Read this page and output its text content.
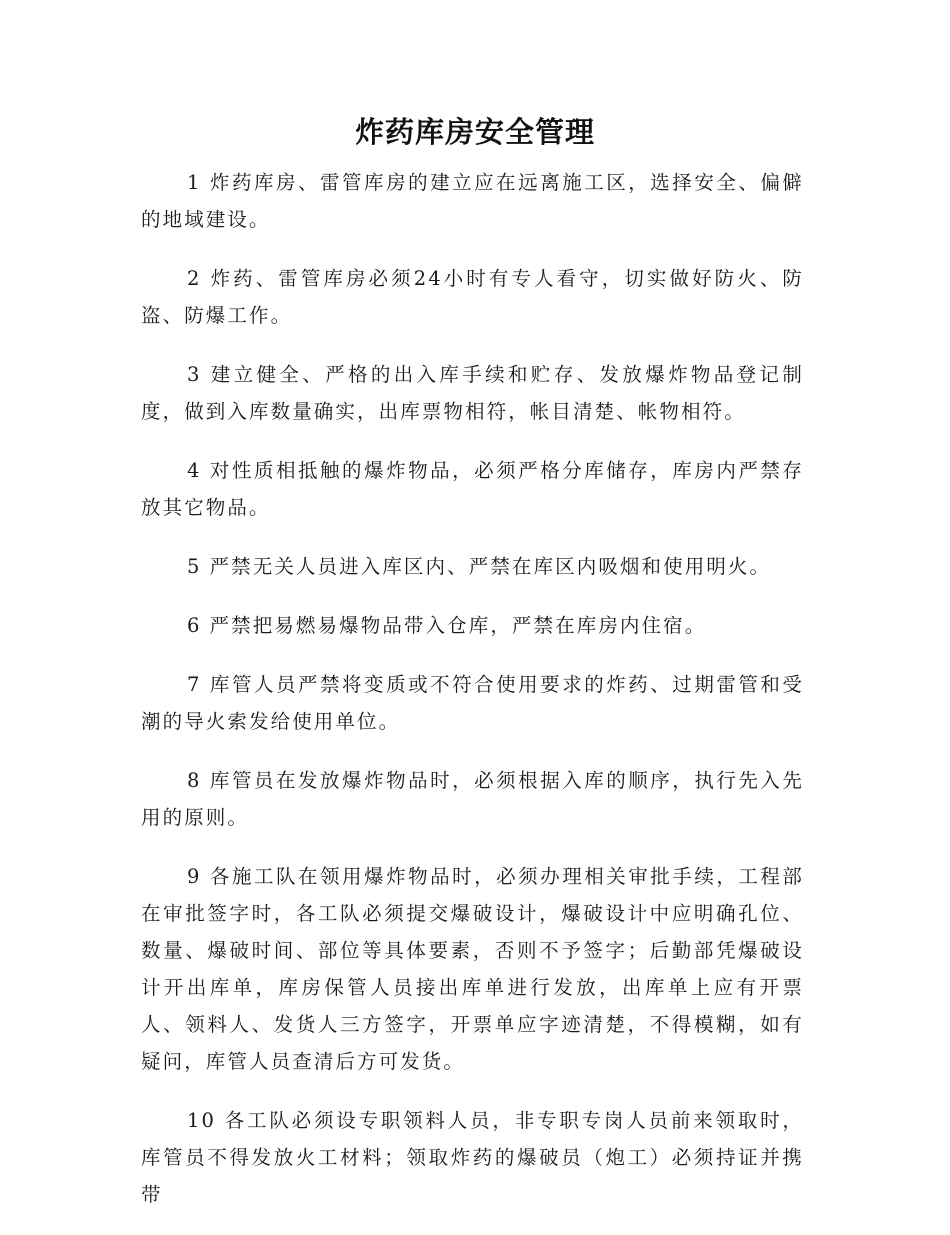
炸药库房安全管理

1 炸药库房、雷管库房的建立应在远离施工区，选择安全、偏僻的地域建设。

2 炸药、雷管库房必须24小时有专人看守，切实做好防火、防盗、防爆工作。

3 建立健全、严格的出入库手续和贮存、发放爆炸物品登记制度，做到入库数量确实，出库票物相符，帐目清楚、帐物相符。

4 对性质相抵触的爆炸物品，必须严格分库储存，库房内严禁存放其它物品。

5 严禁无关人员进入库区内、严禁在库区内吸烟和使用明火。

6 严禁把易燃易爆物品带入仓库，严禁在库房内住宿。

7 库管人员严禁将变质或不符合使用要求的炸药、过期雷管和受潮的导火索发给使用单位。

8 库管员在发放爆炸物品时，必须根据入库的顺序，执行先入先用的原则。

9 各施工队在领用爆炸物品时，必须办理相关审批手续，工程部在审批签字时，各工队必须提交爆破设计，爆破设计中应明确孔位、数量、爆破时间、部位等具体要素，否则不予签字；后勤部凭爆破设计开出库单，库房保管人员接出库单进行发放，出库单上应有开票人、领料人、发货人三方签字，开票单应字迹清楚，不得模糊，如有疑问，库管人员查清后方可发货。

10 各工队必须设专职领料人员，非专职专岗人员前来领取时，库管员不得发放火工材料；领取炸药的爆破员（炮工）必须持证并携带
